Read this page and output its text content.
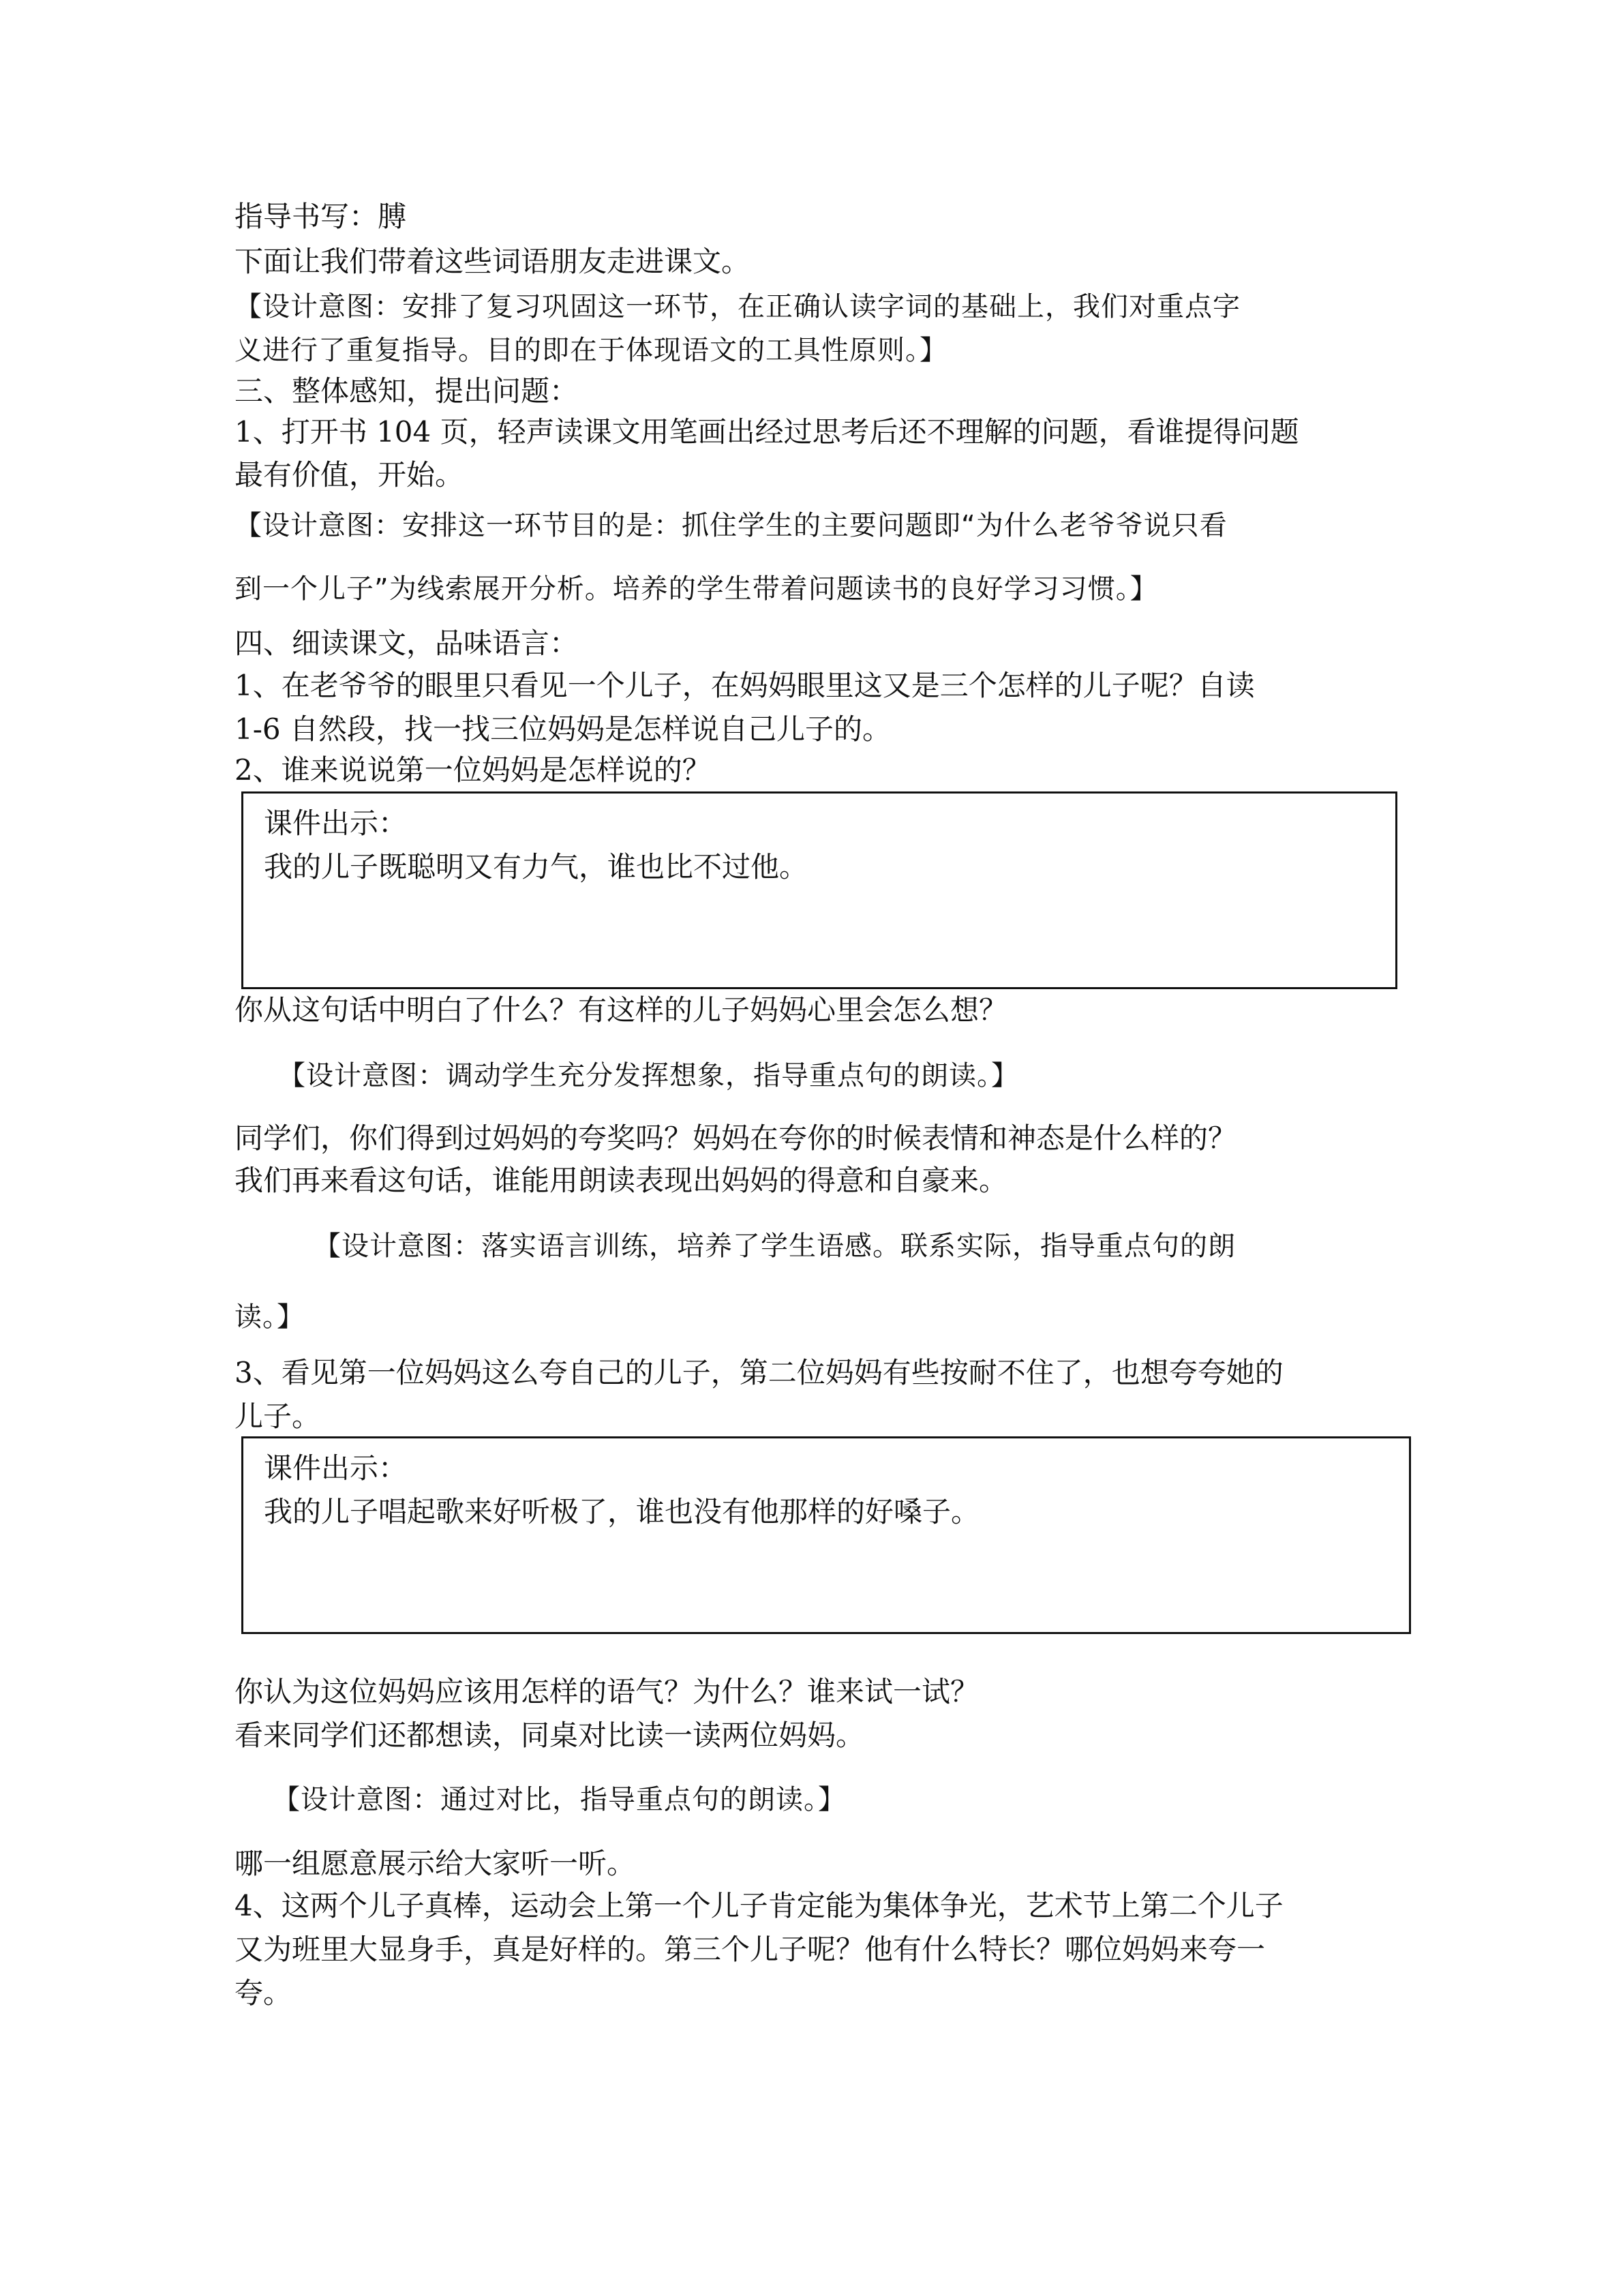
指导书写：膊

下面让我们带着这些词语朋友走进课文。

【设计意图：安排了复习巩固这一环节，在正确认读字词的基础上，我们对重点字

义进行了重复指导。目的即在于体现语文的工具性原则。】

三、整体感知，提出问题：

1、打开书 104 页，轻声读课文用笔画出经过思考后还不理解的问题，看谁提得问题

最有价值，开始。

【设计意图：安排这一环节目的是：抓住学生的主要问题即“为什么老爷爷说只看

到一个儿子”为线索展开分析。培养的学生带着问题读书的良好学习习惯。】

四、细读课文，品味语言：

1、在老爷爷的眼里只看见一个儿子，在妈妈眼里这又是三个怎样的儿子呢？自读

1-6 自然段，找一找三位妈妈是怎样说自己儿子的。

2、谁来说说第一位妈妈是怎样说的？

课件出示：

我的儿子既聪明又有力气，谁也比不过他。

你从这句话中明白了什么？有这样的儿子妈妈心里会怎么想？

【设计意图：调动学生充分发挥想象，指导重点句的朗读。】

同学们，你们得到过妈妈的夸奖吗？妈妈在夸你的时候表情和神态是什么样的？

我们再来看这句话，谁能用朗读表现出妈妈的得意和自豪来。

【设计意图：落实语言训练，培养了学生语感。联系实际，指导重点句的朗

读。】

3、看见第一位妈妈这么夸自己的儿子，第二位妈妈有些按耐不住了，也想夸夸她的

儿子。

课件出示：

我的儿子唱起歌来好听极了，谁也没有他那样的好嗓子。

你认为这位妈妈应该用怎样的语气？为什么？谁来试一试？

看来同学们还都想读，同桌对比读一读两位妈妈。

【设计意图：通过对比，指导重点句的朗读。】

哪一组愿意展示给大家听一听。

4、这两个儿子真棒，运动会上第一个儿子肯定能为集体争光，艺术节上第二个儿子

又为班里大显身手，真是好样的。第三个儿子呢？他有什么特长？哪位妈妈来夸一

夸。
